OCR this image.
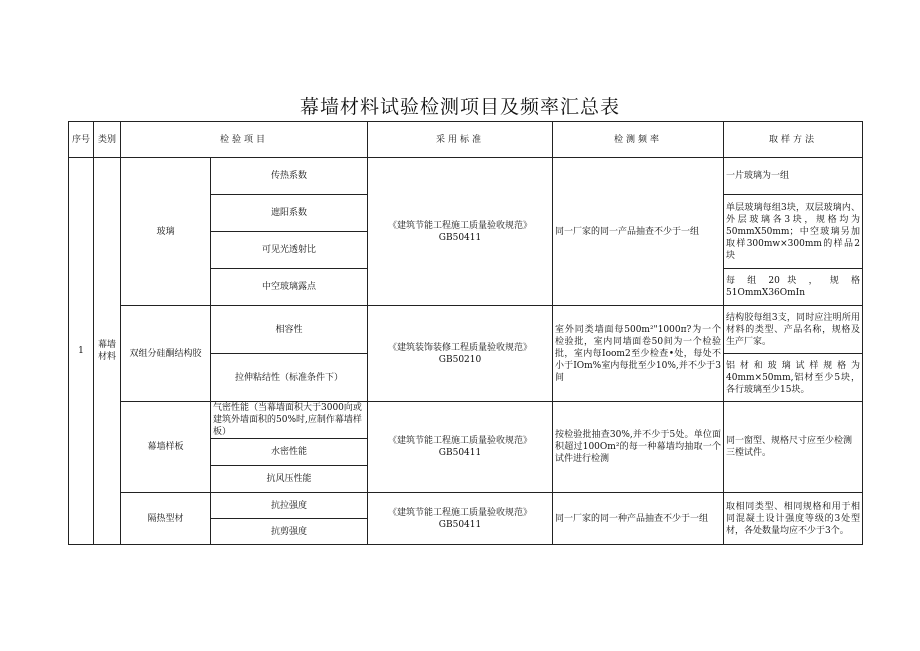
幕墙材料试验检测项目及频率汇总表
序号	类别	检验项目		采用标准	检测频率	取样方法
1	幕墙材料	玻璃	传热系数	《建筑节能工程施工质量验收规范》GB50411	同一厂家的同一产品抽查不少于一组	一片玻璃为一组
			遮阳系数			单层玻璃每组3块，双层玻璃内、外层玻璃各3块，规格均为50mmX50mm；中空玻璃另加取样300mw×300mm的样品2块
			可见光透射比			
			中空玻璃露点			每 组 20 块 ， 规 格 51OmmX36OmIn
		双组分硅酮结构胶	相容性	《建筑装饰装修工程质量验收规范》GB50210	室外同类墙面每500m²"1000π?为一个检验批，室内同墙面卷50间为一个检验批，室内每Ioom2至少检查•处，每处不小于IOm%室内每批至少10%,并不少于3间	结构胶每组3支，同时应注明所用材料的类型、产品名称，规格及生产厂家。
			拉伸粘结性（标准条件下）			铝材和玻璃试样规格为40mm×50mm,铝材至少5块，各行玻璃至少15块。
		幕墙样板	气密性能（当幕墙面积大于3000向或建筑外墙面积的50%时,应制作幕墙样板）	《建筑节能工程施工质量验收规范》GB50411	按检验批抽查30%,并不少于5处。单位面积超过100Om²的每一种幕墙均抽取一个试件进行检测	同一窗型、规格尺寸应至少检测三樘试件。
			水密性能			
			抗风压性能			
		隔热型材	抗拉强度	《建筑节能工程施工质量验收规范》GB50411	同一厂家的同一种产品抽查不少于一组	取相同类型、相同规格和用于相同混凝土设计强度等级的3处型材，各处数量均应不少于3个。
			抗剪强度			
